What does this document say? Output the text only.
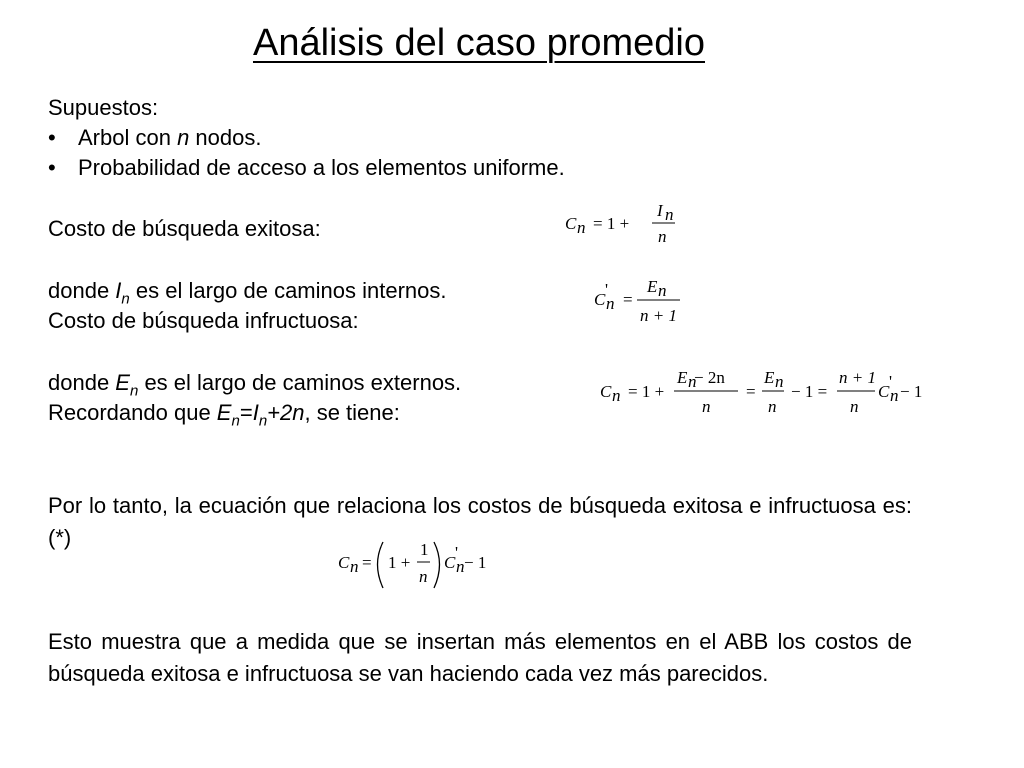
Análisis del caso promedio
Supuestos:
• Arbol con n nodos.
• Probabilidad de acceso a los elementos uniforme.
Costo de búsqueda exitosa:
donde $I_n$ es el largo de caminos internos.
Costo de búsqueda infructuosa:
donde $E_n$ es el largo de caminos externos.
Recordando que $E_n=I_n+2n$, se tiene:
Por lo tanto, la ecuación que relaciona los costos de búsqueda exitosa e infructuosa es: (*)
Esto muestra que a medida que se insertan más elementos en el ABB los costos de búsqueda exitosa e infructuosa se van haciendo cada vez más parecidos.
C n = 1 +
I n
n
C
'
n =
E n
n + 1
C n = 1 +
E n
− 2n
n
=
E n
n
− 1 =
n + 1
n
C
'
n − 1
C n = 1 +
1
n
C
'
n − 1
